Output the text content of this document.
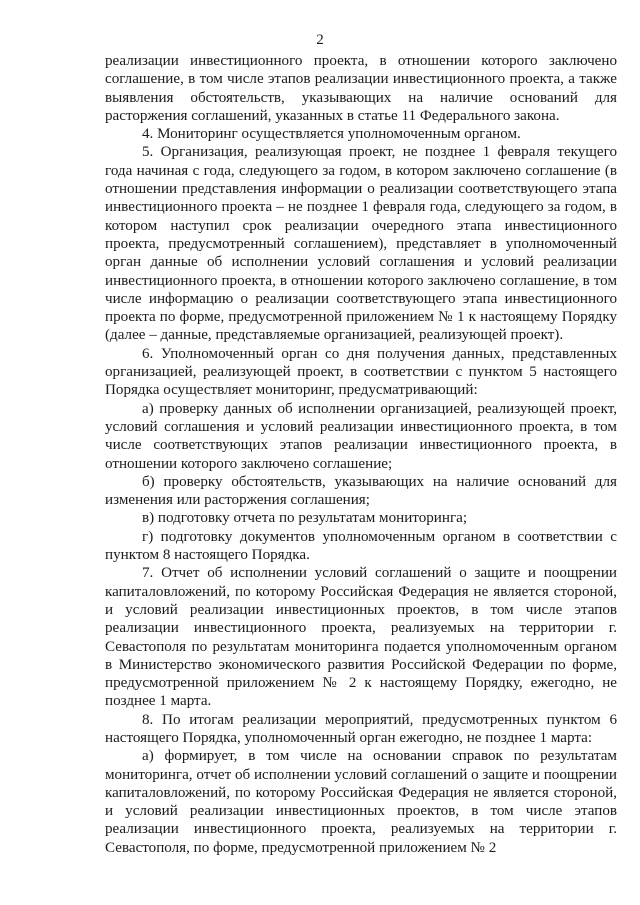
2

реализации инвестиционного проекта, в отношении которого заключено соглашение, в том числе этапов реализации инвестиционного проекта, а также выявления обстоятельств, указывающих на наличие оснований для расторжения соглашений, указанных в статье 11 Федерального закона.

4. Мониторинг осуществляется уполномоченным органом.

5. Организация, реализующая проект, не позднее 1 февраля текущего года начиная с года, следующего за годом, в котором заключено соглашение (в отношении представления информации о реализации соответствующего этапа инвестиционного проекта – не позднее 1 февраля года, следующего за годом, в котором наступил срок реализации очередного этапа инвестиционного проекта, предусмотренный соглашением), представляет в уполномоченный орган данные об исполнении условий соглашения и условий реализации инвестиционного проекта, в отношении которого заключено соглашение, в том числе информацию о реализации соответствующего этапа инвестиционного проекта по форме, предусмотренной приложением № 1 к настоящему Порядку (далее – данные, представляемые организацией, реализующей проект).

6. Уполномоченный орган со дня получения данных, представленных организацией, реализующей проект, в соответствии с пунктом 5 настоящего Порядка осуществляет мониторинг, предусматривающий:

а) проверку данных об исполнении организацией, реализующей проект, условий соглашения и условий реализации инвестиционного проекта, в том числе соответствующих этапов реализации инвестиционного проекта, в отношении которого заключено соглашение;

б) проверку обстоятельств, указывающих на наличие оснований для изменения или расторжения соглашения;

в) подготовку отчета по результатам мониторинга;

г) подготовку документов уполномоченным органом в соответствии с пунктом 8 настоящего Порядка.

7. Отчет об исполнении условий соглашений о защите и поощрении капиталовложений, по которому Российская Федерация не является стороной, и условий реализации инвестиционных проектов, в том числе этапов реализации инвестиционного проекта, реализуемых на территории г. Севастополя по результатам мониторинга подается уполномоченным органом в Министерство экономического развития Российской Федерации по форме, предусмотренной приложением № 2 к настоящему Порядку, ежегодно, не позднее 1 марта.

8. По итогам реализации мероприятий, предусмотренных пунктом 6 настоящего Порядка, уполномоченный орган ежегодно, не позднее 1 марта:

а) формирует, в том числе на основании справок по результатам мониторинга, отчет об исполнении условий соглашений о защите и поощрении капиталовложений, по которому Российская Федерация не является стороной, и условий реализации инвестиционных проектов, в том числе этапов реализации инвестиционного проекта, реализуемых на территории г. Севастополя, по форме, предусмотренной приложением № 2
